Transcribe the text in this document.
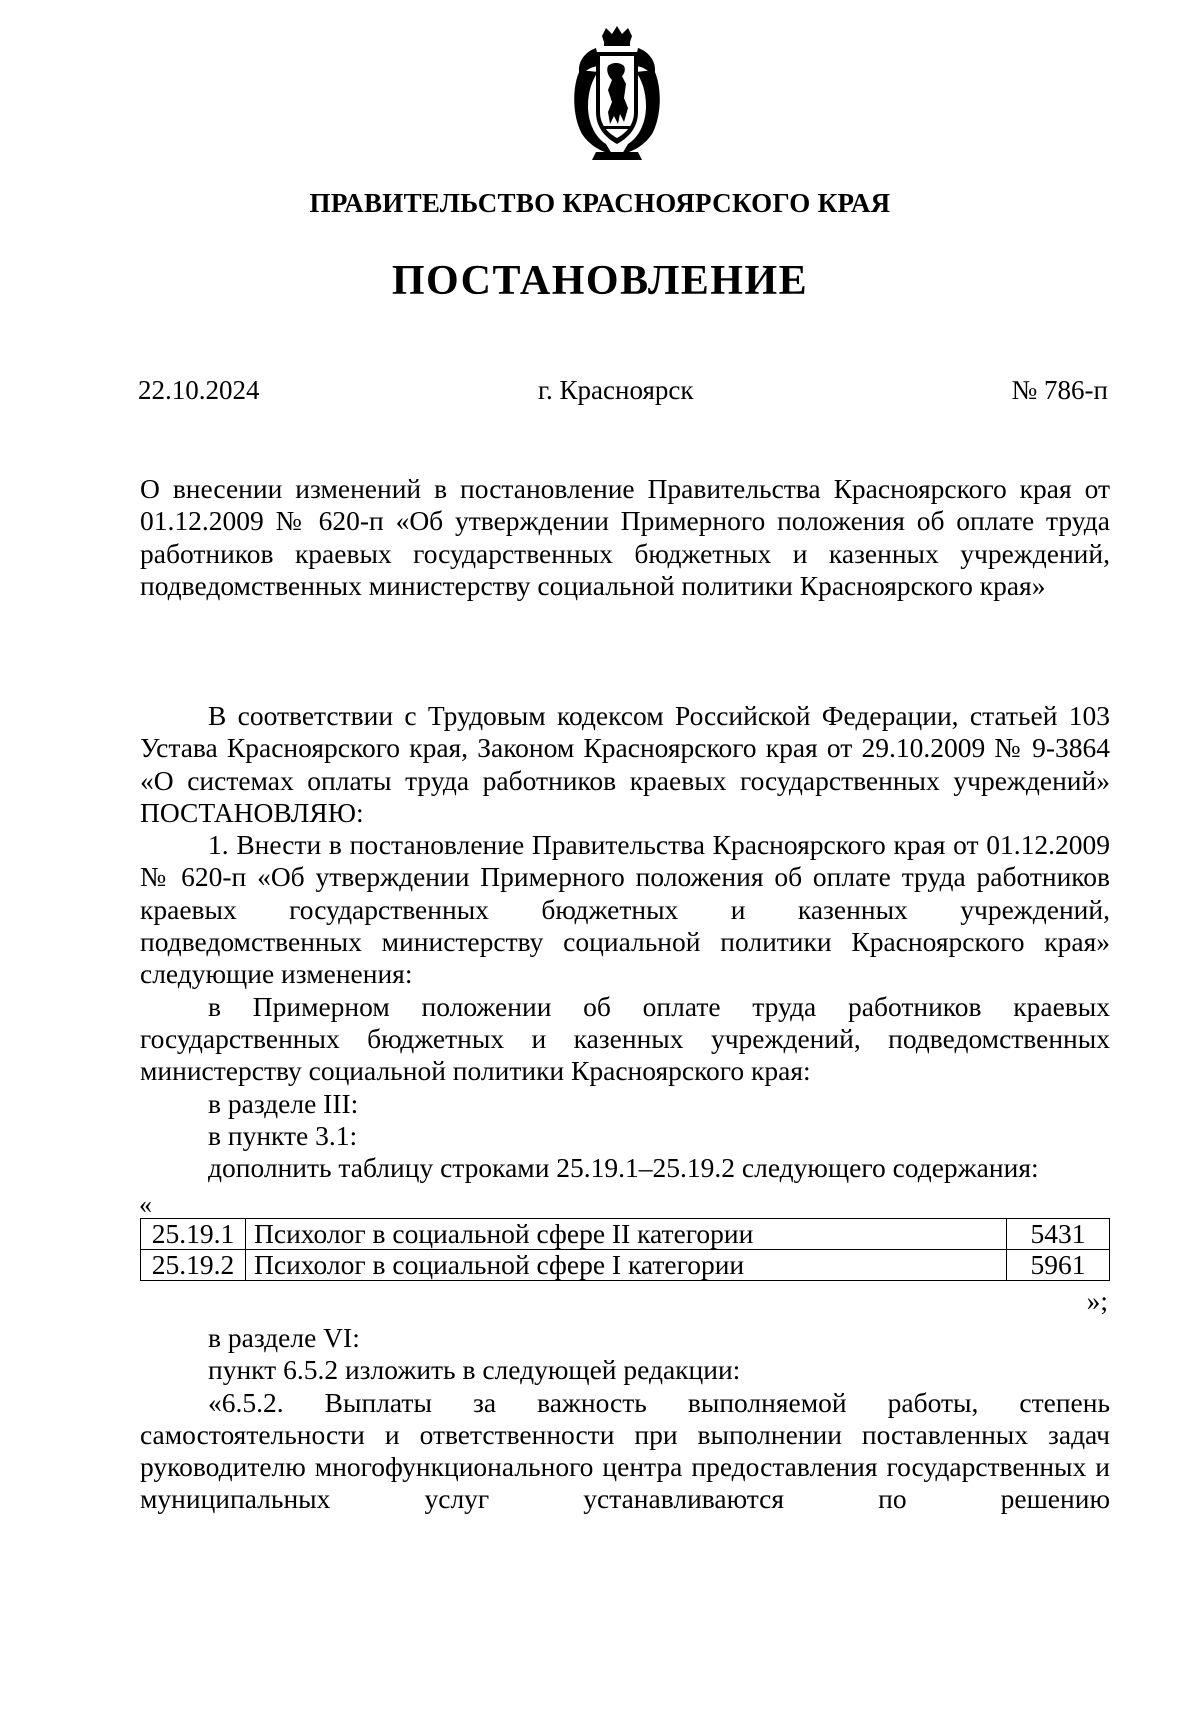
ПРАВИТЕЛЬСТВО КРАСНОЯРСКОГО КРАЯ
ПОСТАНОВЛЕНИЕ
22.10.2024	г. Красноярск	№ 786-п
О внесении изменений в постановление Правительства Красноярского края от 01.12.2009 № 620-п «Об утверждении Примерного положения об оплате труда работников краевых государственных бюджетных и казенных учреждений, подведомственных министерству социальной политики Красноярского края»

В соответствии с Трудовым кодексом Российской Федерации, статьей 103 Устава Красноярского края, Законом Красноярского края от 29.10.2009 № 9-3864 «О системах оплаты труда работников краевых государственных учреждений» ПОСТАНОВЛЯЮ:

1. Внести в постановление Правительства Красноярского края от 01.12.2009 № 620-п «Об утверждении Примерного положения об оплате труда работников краевых государственных бюджетных и казенных учреждений, подведомственных министерству социальной политики Красноярского края» следующие изменения:

в Примерном положении об оплате труда работников краевых государственных бюджетных и казенных учреждений, подведомственных министерству социальной политики Красноярского края:

в разделе III:

в пункте 3.1:

дополнить таблицу строками 25.19.1–25.19.2 следующего содержания:

«
25.19.1	Психолог в социальной сфере II категории	5431
25.19.2	Психолог в социальной сфере I категории	5961
»;

в разделе VI:

пункт 6.5.2 изложить в следующей редакции:

«6.5.2. Выплаты за важность выполняемой работы, степень самостоятельности и ответственности при выполнении поставленных задач руководителю многофункционального центра предоставления государственных и муниципальных услуг устанавливаются по решению
